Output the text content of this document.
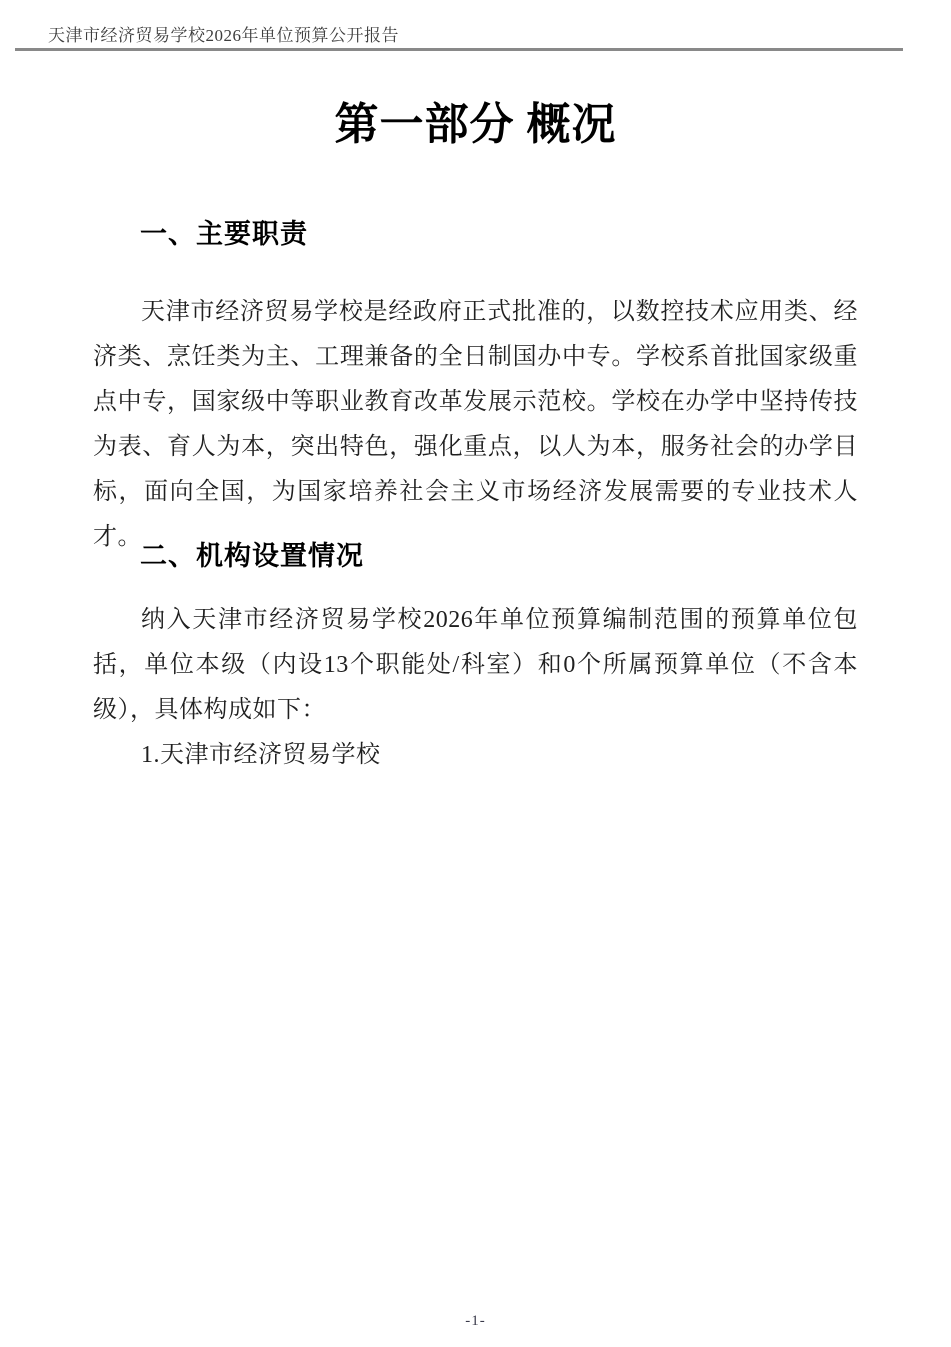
天津市经济贸易学校2026年单位预算公开报告
第一部分 概况
一、主要职责

天津市经济贸易学校是经政府正式批准的，以数控技术应用类、经济类、烹饪类为主、工理兼备的全日制国办中专。学校系首批国家级重点中专，国家级中等职业教育改革发展示范校。学校在办学中坚持传技为表、育人为本，突出特色，强化重点，以人为本，服务社会的办学目标，面向全国，为国家培养社会主义市场经济发展需要的专业技术人才。

二、机构设置情况

纳入天津市经济贸易学校2026年单位预算编制范围的预算单位包括，单位本级（内设13个职能处/科室）和0个所属预算单位（不含本级），具体构成如下：

1.天津市经济贸易学校

-1-
